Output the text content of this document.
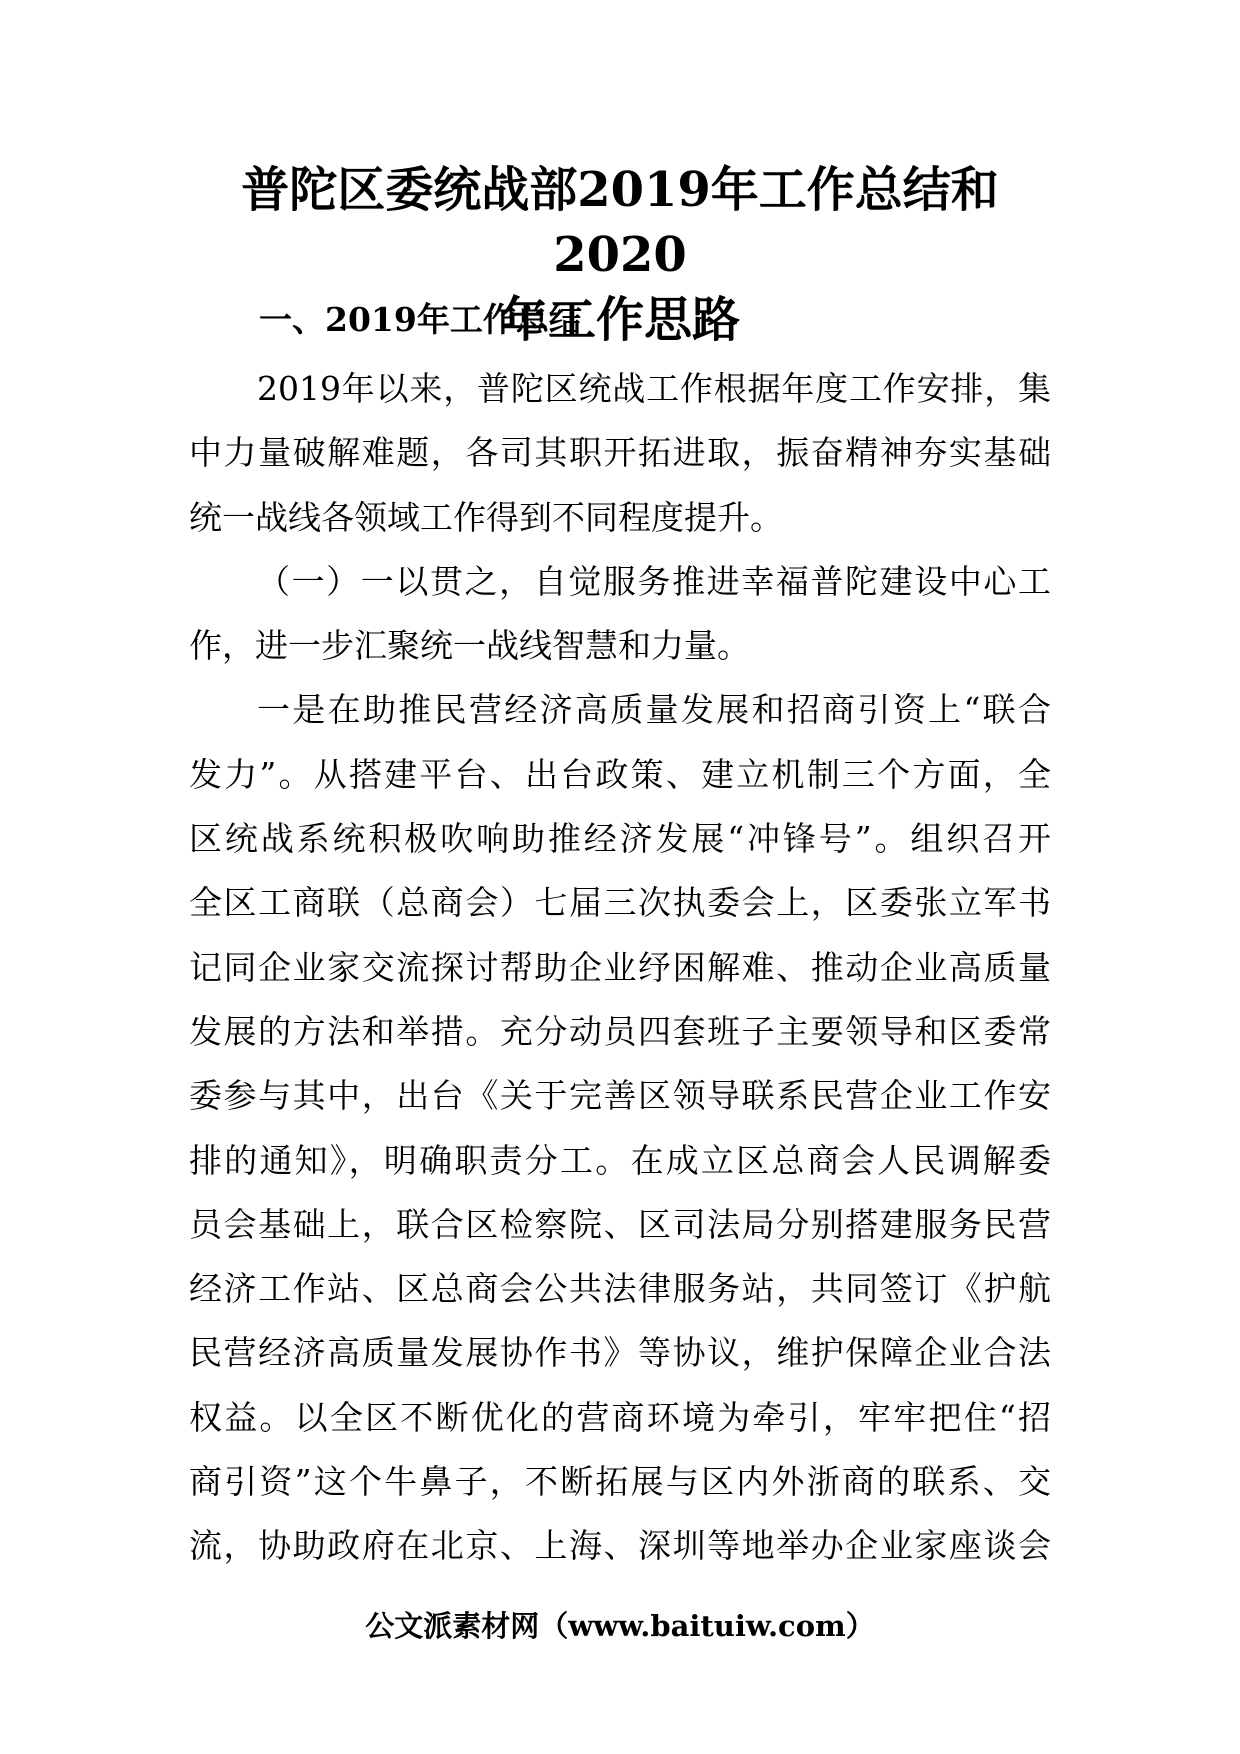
普陀区委统战部2019年工作总结和2020
年工作思路
一、2019年工作总结
2019年以来，普陀区统战工作根据年度工作安排，集
中力量破解难题，各司其职开拓进取，振奋精神夯实基础
统一战线各领域工作得到不同程度提升。
（一）一以贯之，自觉服务推进幸福普陀建设中心工
作，进一步汇聚统一战线智慧和力量。
一是在助推民营经济高质量发展和招商引资上“联合
发力”。从搭建平台、出台政策、建立机制三个方面，全
区统战系统积极吹响助推经济发展“冲锋号”。组织召开
全区工商联（总商会）七届三次执委会上，区委张立军书
记同企业家交流探讨帮助企业纾困解难、推动企业高质量
发展的方法和举措。充分动员四套班子主要领导和区委常
委参与其中，出台《关于完善区领导联系民营企业工作安
排的通知》，明确职责分工。在成立区总商会人民调解委
员会基础上，联合区检察院、区司法局分别搭建服务民营
经济工作站、区总商会公共法律服务站，共同签订《护航
民营经济高质量发展协作书》等协议，维护保障企业合法
权益。以全区不断优化的营商环境为牵引，牢牢把住“招
商引资”这个牛鼻子，不断拓展与区内外浙商的联系、交
流，协助政府在北京、上海、深圳等地举办企业家座谈会
公文派素材网（www.baituiw.com）
